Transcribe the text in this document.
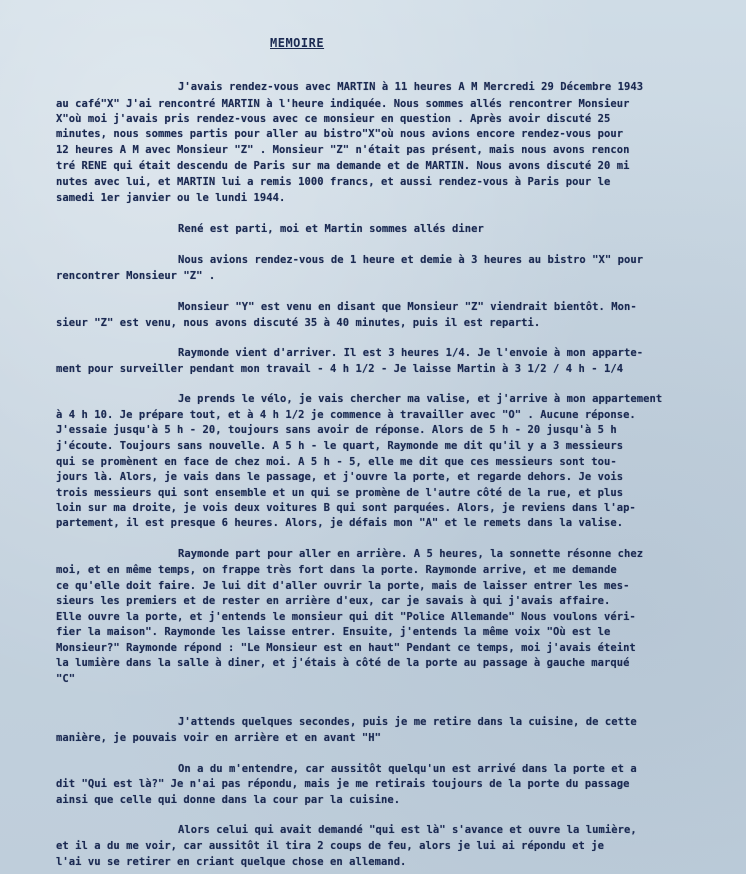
MEMOIRE
J'avais rendez-vous avec MARTIN à 11 heures A M Mercredi 29 Décembre 1943
au café"X" J'ai rencontré MARTIN à l'heure indiquée. Nous sommes allés rencontrer Monsieur
X"où moi j'avais pris rendez-vous avec ce monsieur en question . Après avoir discuté 25
minutes, nous sommes partis pour aller au bistro"X"où nous avions encore rendez-vous pour
12 heures A M avec Monsieur "Z" . Monsieur "Z" n'était pas présent, mais nous avons rencon
tré RENE qui était descendu de Paris sur ma demande et de MARTIN. Nous avons discuté 20 mi
nutes avec lui, et MARTIN lui a remis 1000 francs, et aussi rendez-vous à Paris pour le
samedi 1er janvier ou le lundi 1944.
René est parti, moi et Martin sommes allés diner
Nous avions rendez-vous de 1 heure et demie à 3 heures au bistro "X" pour
rencontrer Monsieur "Z" .
Monsieur "Y" est venu en disant que Monsieur "Z" viendrait bientôt. Mon-
sieur "Z" est venu, nous avons discuté 35 à 40 minutes, puis il est reparti.
Raymonde vient d'arriver. Il est 3 heures 1/4. Je l'envoie à mon apparte-
ment pour surveiller pendant mon travail - 4 h 1/2 - Je laisse Martin à 3 1/2 / 4 h - 1/4
Je prends le vélo, je vais chercher ma valise, et j'arrive à mon appartement
à 4 h 10. Je prépare tout, et à 4 h 1/2 je commence à travailler avec "O" . Aucune réponse.
J'essaie jusqu'à 5 h - 20, toujours sans avoir de réponse. Alors de 5 h - 20 jusqu'à 5 h
j'écoute. Toujours sans nouvelle. A 5 h - le quart, Raymonde me dit qu'il y a 3 messieurs
qui se promènent en face de chez moi. A 5 h - 5, elle me dit que ces messieurs sont tou-
jours là. Alors, je vais dans le passage, et j'ouvre la porte, et regarde dehors. Je vois
trois messieurs qui sont ensemble et un qui se promène de l'autre côté de la rue, et plus
loin sur ma droite, je vois deux voitures B qui sont parquées. Alors, je reviens dans l'ap-
partement, il est presque 6 heures. Alors, je défais mon "A" et le remets dans la valise.
Raymonde part pour aller en arrière. A 5 heures, la sonnette résonne chez
moi, et en même temps, on frappe très fort dans la porte. Raymonde arrive, et me demande
ce qu'elle doit faire. Je lui dit d'aller ouvrir la porte, mais de laisser entrer les mes-
sieurs les premiers et de rester en arrière d'eux, car je savais à qui j'avais affaire.
Elle ouvre la porte, et j'entends le monsieur qui dit "Police Allemande" Nous voulons véri-
fier la maison". Raymonde les laisse entrer. Ensuite, j'entends la même voix "Où est le
Monsieur?" Raymonde répond : "Le Monsieur est en haut" Pendant ce temps, moi j'avais éteint
la lumière dans la salle à diner, et j'étais à côté de la porte au passage à gauche marqué
"C"
J'attends quelques secondes, puis je me retire dans la cuisine, de cette
manière, je pouvais voir en arrière et en avant "H"
On a du m'entendre, car aussitôt quelqu'un est arrivé dans la porte et a
dit "Qui est là?" Je n'ai pas répondu, mais je me retirais toujours de la porte du passage
ainsi que celle qui donne dans la cour par la cuisine.
Alors celui qui avait demandé "qui est là" s'avance et ouvre la lumière,
et il a du me voir, car aussitôt il tira 2 coups de feu, alors je lui ai répondu et je
l'ai vu se retirer en criant quelque chose en allemand.
